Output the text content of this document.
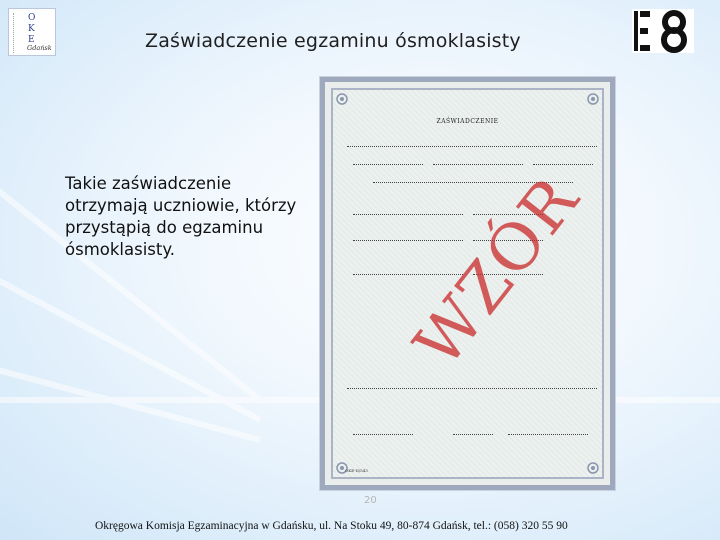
O
K
E
Gdańsk	Zaświadczenie egzaminu ósmoklasisty
Takie zaświadczenie otrzymają uczniowie, którzy przystąpią do egzaminu ósmoklasisty.
ZAŚWIADCZENIE
OKE-II/543
WZÓR
20
Okręgowa Komisja Egzaminacyjna w Gdańsku, ul. Na Stoku 49, 80-874 Gdańsk, tel.: (058) 320 55 90
